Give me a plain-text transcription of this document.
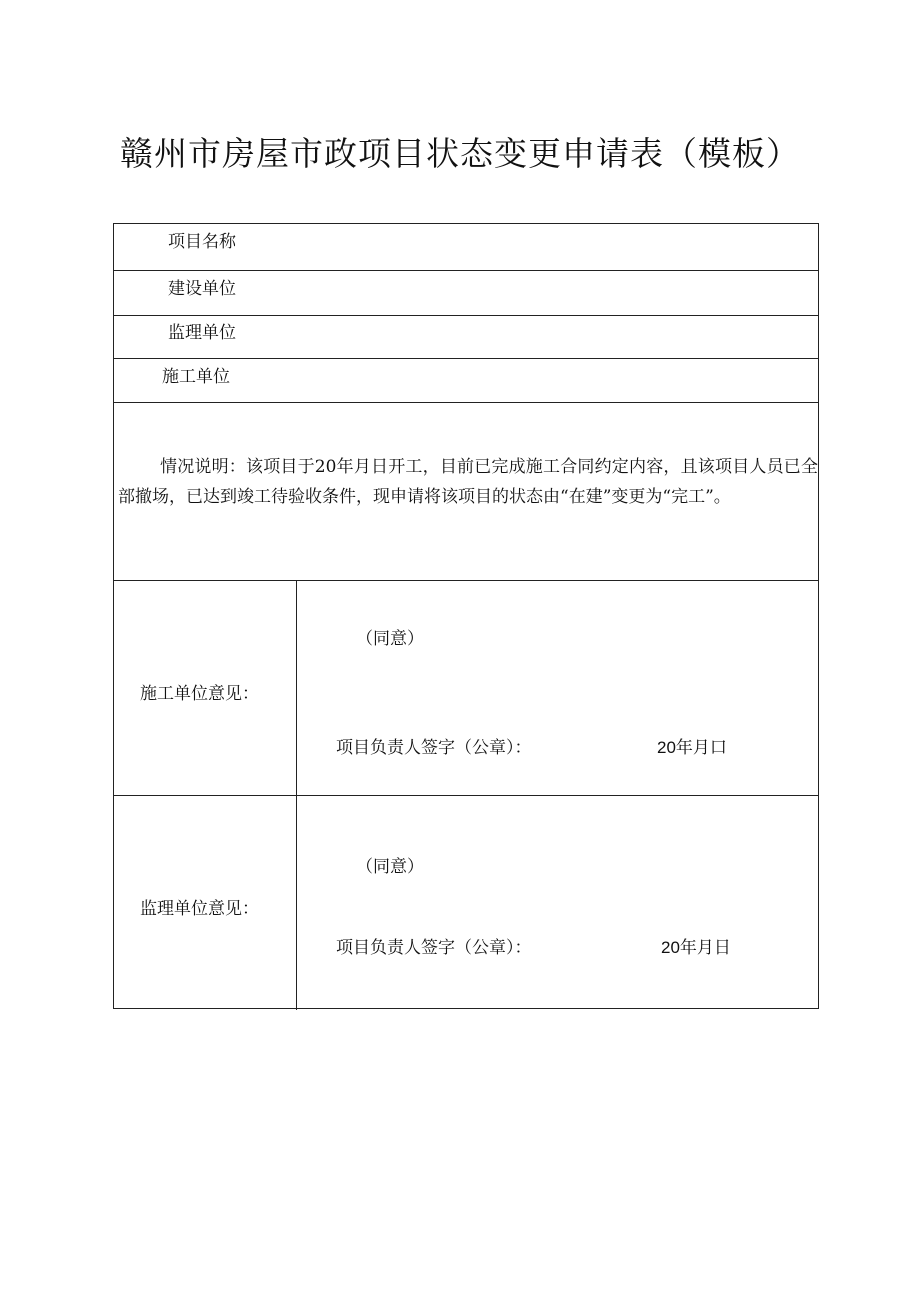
赣州市房屋市政项目状态变更申请表（模板）
项目名称
建设单位
监理单位
施工单位
情况说明：该项目于20年月日开工，目前已完成施工合同约定内容，且该项目人员已全部撤场，已达到竣工待验收条件，现申请将该项目的状态由“在建”变更为“完工”。
施工单位意见：
（同意）
项目负责人签字（公章）：	20年月口
监理单位意见：
（同意）
项目负责人签字（公章）：	20年月日
